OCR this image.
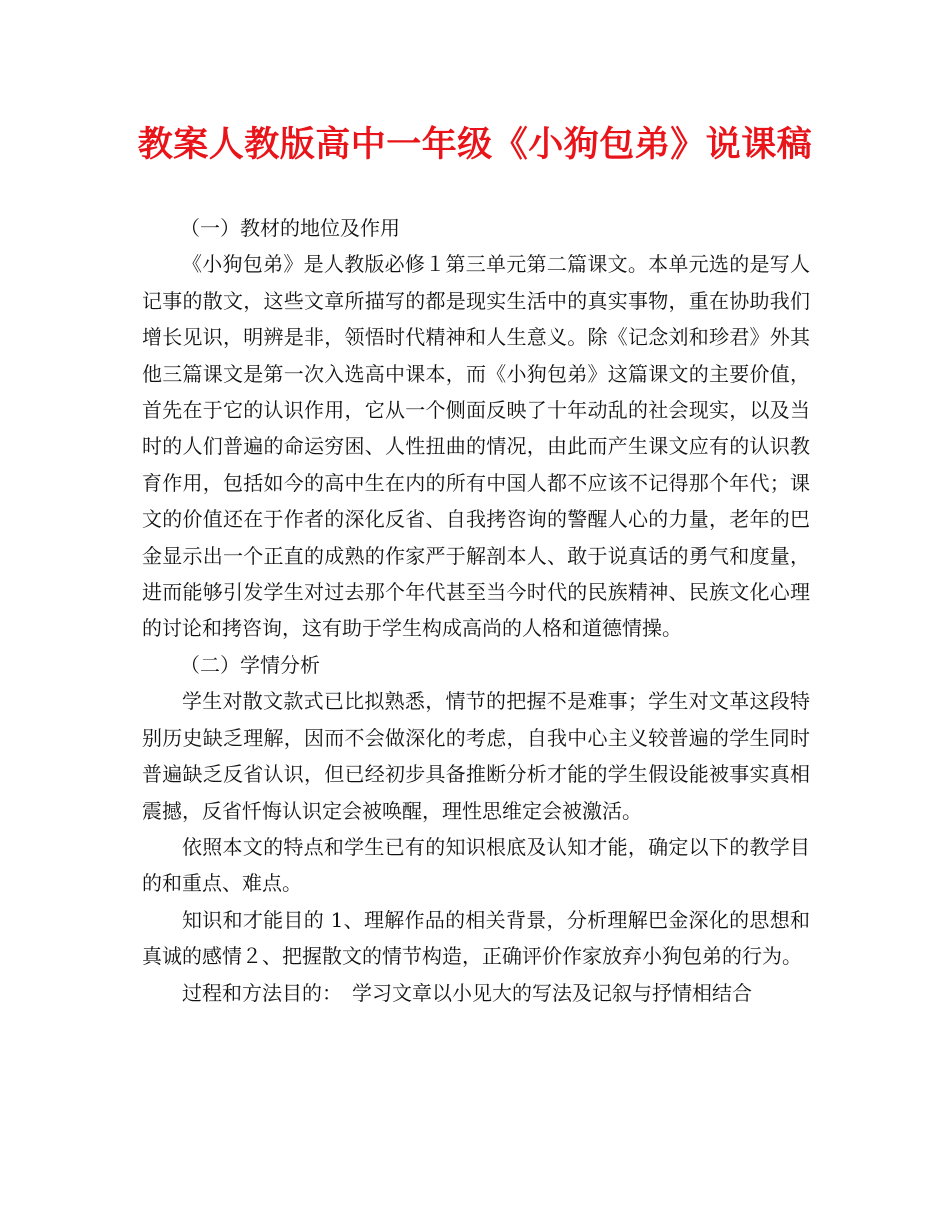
教案人教版高中一年级《小狗包弟》说课稿

（一）教材的地位及作用

《小狗包弟》是人教版必修１第三单元第二篇课文。本单元选的是写人记事的散文，这些文章所描写的都是现实生活中的真实事物，重在协助我们增长见识，明辨是非，领悟时代精神和人生意义。除《记念刘和珍君》外其他三篇课文是第一次入选高中课本，而《小狗包弟》这篇课文的主要价值，首先在于它的认识作用，它从一个侧面反映了十年动乱的社会现实，以及当时的人们普遍的命运穷困、人性扭曲的情况，由此而产生课文应有的认识教育作用，包括如今的高中生在内的所有中国人都不应该不记得那个年代；课文的价值还在于作者的深化反省、自我拷咨询的警醒人心的力量，老年的巴金显示出一个正直的成熟的作家严于解剖本人、敢于说真话的勇气和度量，进而能够引发学生对过去那个年代甚至当今时代的民族精神、民族文化心理的讨论和拷咨询，这有助于学生构成高尚的人格和道德情操。

（二）学情分析

学生对散文款式已比拟熟悉，情节的把握不是难事；学生对文革这段特别历史缺乏理解，因而不会做深化的考虑，自我中心主义较普遍的学生同时普遍缺乏反省认识，但已经初步具备推断分析才能的学生假设能被事实真相震撼，反省忏悔认识定会被唤醒，理性思维定会被激活。

依照本文的特点和学生已有的知识根底及认知才能，确定以下的教学目的和重点、难点。

知识和才能目的 1、理解作品的相关背景，分析理解巴金深化的思想和真诚的感情２、把握散文的情节构造，正确评价作家放弃小狗包弟的行为。

过程和方法目的：　学习文章以小见大的写法及记叙与抒情相结合
